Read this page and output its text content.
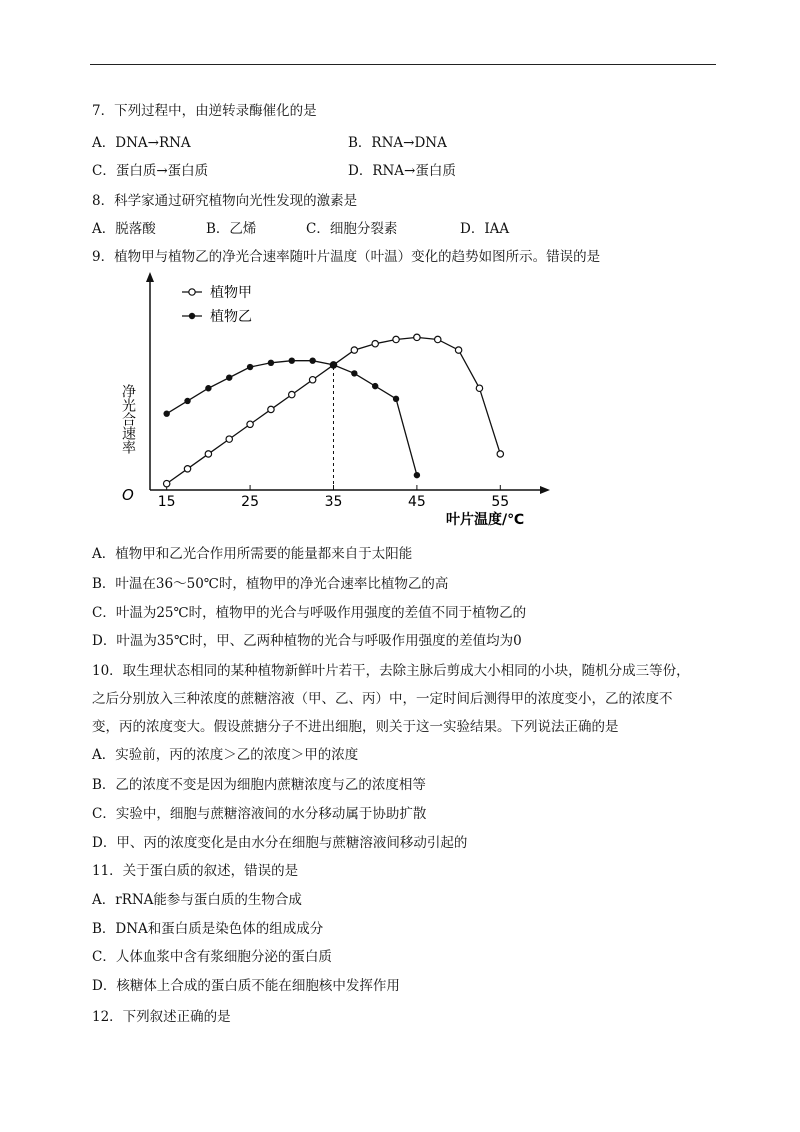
7．下列过程中，由逆转录酶催化的是
A．DNA→RNA	B．RNA→DNA
C．蛋白质→蛋白质	D．RNA→蛋白质
8．科学家通过研究植物向光性发现的激素是
A．脱落酸	B．乙烯	C．细胞分裂素	D．IAA
9．植物甲与植物乙的净光合速率随叶片温度（叶温）变化的趋势如图所示。错误的是
O
净光合速率
叶片温度/℃
15	25	35	45	55
植物甲
植物乙
A．植物甲和乙光合作用所需要的能量都来自于太阳能
B．叶温在36～50℃时，植物甲的净光合速率比植物乙的高
C．叶温为25℃时，植物甲的光合与呼吸作用强度的差值不同于植物乙的
D．叶温为35℃时，甲、乙两种植物的光合与呼吸作用强度的差值均为0
10．取生理状态相同的某种植物新鲜叶片若干，去除主脉后剪成大小相同的小块，随机分成三等份，
之后分别放入三种浓度的蔗糖溶液（甲、乙、丙）中，一定时间后测得甲的浓度变小，乙的浓度不
变，丙的浓度变大。假设蔗搪分子不进出细胞，则关于这一实验结果。下列说法正确的是
A．实验前，丙的浓度＞乙的浓度＞甲的浓度
B．乙的浓度不变是因为细胞内蔗糖浓度与乙的浓度相等
C．实验中，细胞与蔗糖溶液间的水分移动属于协助扩散
D．甲、丙的浓度变化是由水分在细胞与蔗糖溶液间移动引起的
11．关于蛋白质的叙述，错误的是
A．rRNA能参与蛋白质的生物合成
B．DNA和蛋白质是染色体的组成成分
C．人体血浆中含有浆细胞分泌的蛋白质
D．核糖体上合成的蛋白质不能在细胞核中发挥作用
12．下列叙述正确的是
